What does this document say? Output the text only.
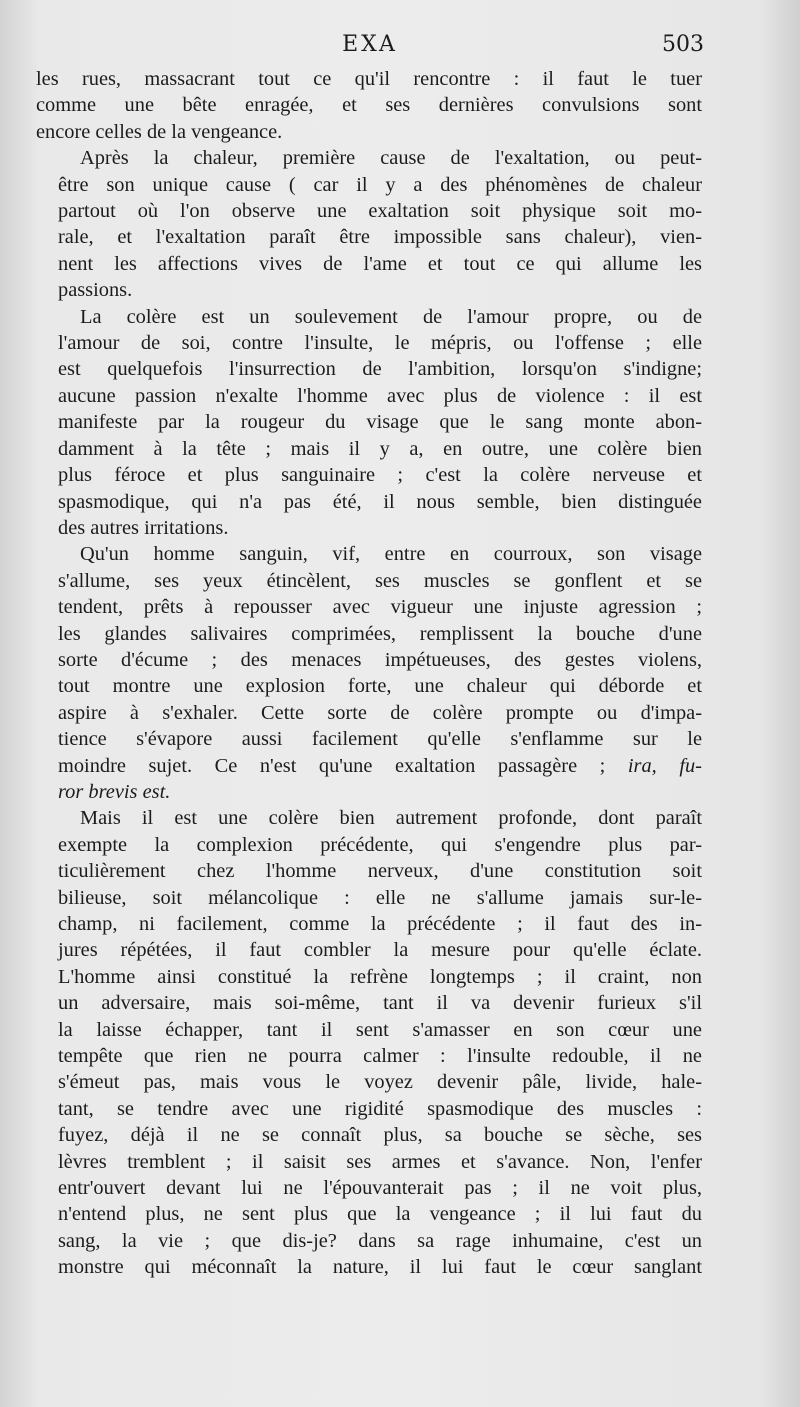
EXA	503

les rues, massacrant tout ce qu'il rencontre : il faut le tuer
comme une bête enragée, et ses dernières convulsions sont
encore celles de la vengeance.

Après la chaleur, première cause de l'exaltation, ou peut-
être son unique cause ( car il y a des phénomènes de chaleur
partout où l'on observe une exaltation soit physique soit mo-
rale, et l'exaltation paraît être impossible sans chaleur), vien-
nent les affections vives de l'ame et tout ce qui allume les
passions.

La colère est un soulevement de l'amour propre, ou de
l'amour de soi, contre l'insulte, le mépris, ou l'offense ; elle
est quelquefois l'insurrection de l'ambition, lorsqu'on s'indigne;
aucune passion n'exalte l'homme avec plus de violence : il est
manifeste par la rougeur du visage que le sang monte abon-
damment à la tête ; mais il y a, en outre, une colère bien
plus féroce et plus sanguinaire ; c'est la colère nerveuse et
spasmodique, qui n'a pas été, il nous semble, bien distinguée
des autres irritations.

Qu'un homme sanguin, vif, entre en courroux, son visage
s'allume, ses yeux étincèlent, ses muscles se gonflent et se
tendent, prêts à repousser avec vigueur une injuste agression ;
les glandes salivaires comprimées, remplissent la bouche d'une
sorte d'écume ; des menaces impétueuses, des gestes violens,
tout montre une explosion forte, une chaleur qui déborde et
aspire à s'exhaler. Cette sorte de colère prompte ou d'impa-
tience s'évapore aussi facilement qu'elle s'enflamme sur le
moindre sujet. Ce n'est qu'une exaltation passagère ; ira, fu-
ror brevis est.

Mais il est une colère bien autrement profonde, dont paraît
exempte la complexion précédente, qui s'engendre plus par-
ticulièrement chez l'homme nerveux, d'une constitution soit
bilieuse, soit mélancolique : elle ne s'allume jamais sur-le-
champ, ni facilement, comme la précédente ; il faut des in-
jures répétées, il faut combler la mesure pour qu'elle éclate.
L'homme ainsi constitué la refrène longtemps ; il craint, non
un adversaire, mais soi-même, tant il va devenir furieux s'il
la laisse échapper, tant il sent s'amasser en son cœur une
tempête que rien ne pourra calmer : l'insulte redouble, il ne
s'émeut pas, mais vous le voyez devenir pâle, livide, hale-
tant, se tendre avec une rigidité spasmodique des muscles :
fuyez, déjà il ne se connaît plus, sa bouche se sèche, ses
lèvres tremblent ; il saisit ses armes et s'avance. Non, l'enfer
entr'ouvert devant lui ne l'épouvanterait pas ; il ne voit plus,
n'entend plus, ne sent plus que la vengeance ; il lui faut du
sang, la vie ; que dis-je? dans sa rage inhumaine, c'est un
monstre qui méconnaît la nature, il lui faut le cœur sanglant
